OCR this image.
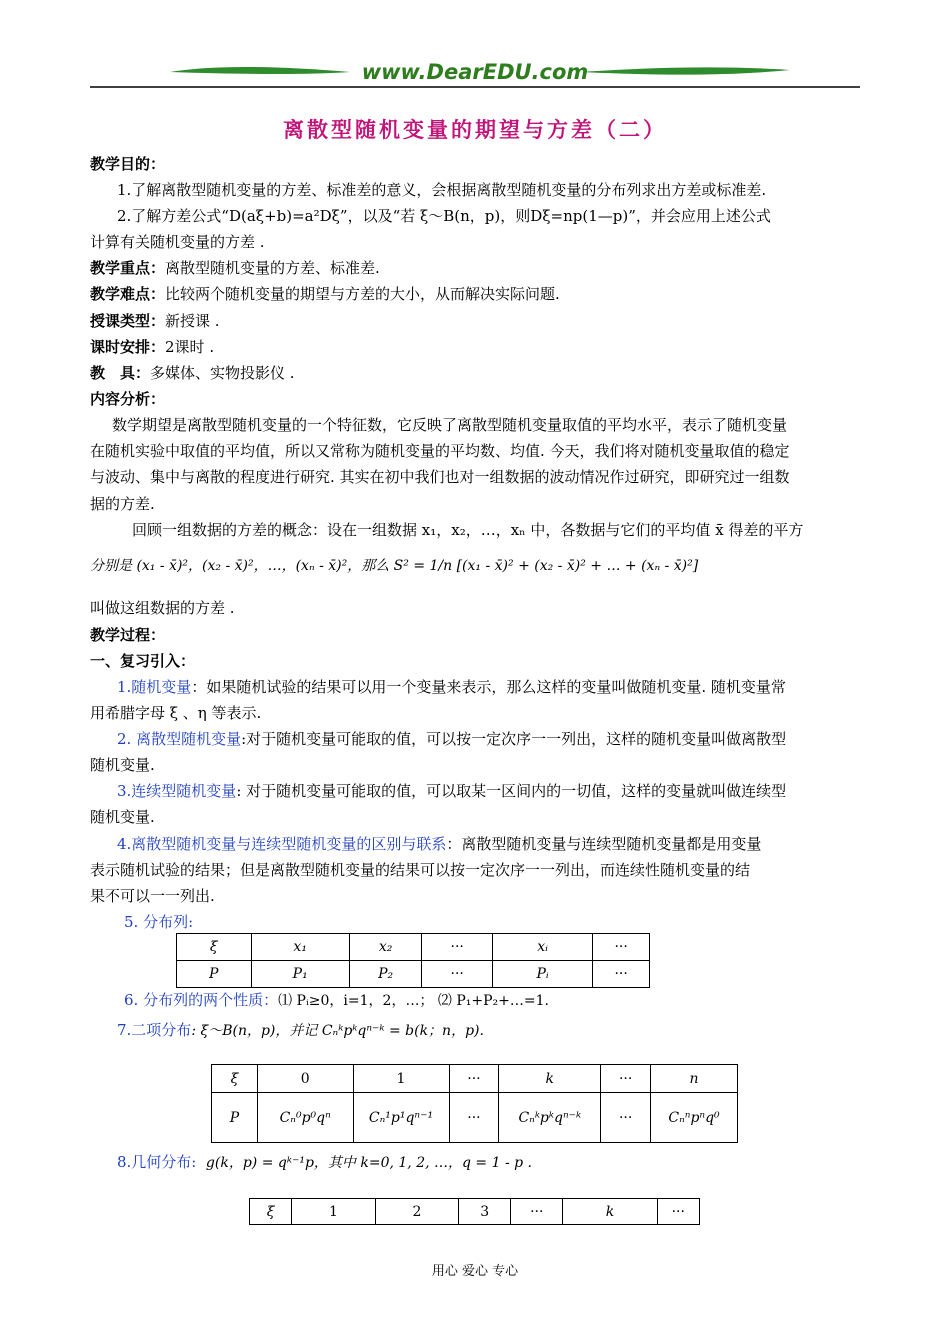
www.DearEDU.com
离散型随机变量的期望与方差（二）
教学目的：
1.了解离散型随机变量的方差、标准差的意义，会根据离散型随机变量的分布列求出方差或标准差.
2.了解方差公式“D(aξ+b)=a²Dξ”，以及“若 ξ～B(n，p)，则Dξ=np(1—p)”，并会应用上述公式
计算有关随机变量的方差 .
教学重点：离散型随机变量的方差、标准差.
教学难点：比较两个随机变量的期望与方差的大小，从而解决实际问题.
授课类型：新授课 .
课时安排：2课时 .
教　具：多媒体、实物投影仪 .
内容分析：
数学期望是离散型随机变量的一个特征数，它反映了离散型随机变量取值的平均水平，表示了随机变量
在随机实验中取值的平均值，所以又常称为随机变量的平均数、均值. 今天，我们将对随机变量取值的稳定
与波动、集中与离散的程度进行研究. 其实在初中我们也对一组数据的波动情况作过研究，即研究过一组数
据的方差.
回顾一组数据的方差的概念：设在一组数据 x₁，x₂，…，xₙ 中，各数据与它们的平均值 x̄ 得差的平方
分别是 (x₁ - x̄)²，(x₂ - x̄)²，…，(xₙ - x̄)²，那么 S² = 1/n [(x₁ - x̄)² + (x₂ - x̄)² + … + (xₙ - x̄)²]
叫做这组数据的方差 .
教学过程：
一、复习引入：
1.随机变量：如果随机试验的结果可以用一个变量来表示，那么这样的变量叫做随机变量. 随机变量常
用希腊字母 ξ 、η 等表示.
2. 离散型随机变量:对于随机变量可能取的值，可以按一定次序一一列出，这样的随机变量叫做离散型
随机变量.
3.连续型随机变量: 对于随机变量可能取的值，可以取某一区间内的一切值，这样的变量就叫做连续型
随机变量.
4.离散型随机变量与连续型随机变量的区别与联系：离散型随机变量与连续型随机变量都是用变量
表示随机试验的结果；但是离散型随机变量的结果可以按一定次序一一列出，而连续性随机变量的结
果不可以一一列出.
5. 分布列:
ξ	x₁	x₂	···	xᵢ	···
P	P₁	P₂	···	Pᵢ	···
6. 分布列的两个性质：⑴ Pᵢ≥0，i=1，2，…； ⑵ P₁+P₂+…=1.
7.二项分布: ξ～B(n，p)，并记 Cₙᵏpᵏqⁿ⁻ᵏ = b(k；n，p).
ξ	0	1	···	k	···	n
P	Cₙ⁰p⁰qⁿ	Cₙ¹p¹qⁿ⁻¹	···	Cₙᵏpᵏqⁿ⁻ᵏ	···	Cₙⁿpⁿq⁰
8.几何分布: g(k，p) = qᵏ⁻¹p，其中 k=0, 1, 2, …，q = 1 - p .
ξ	1	2	3	···	k	···
用心 爱心 专心
